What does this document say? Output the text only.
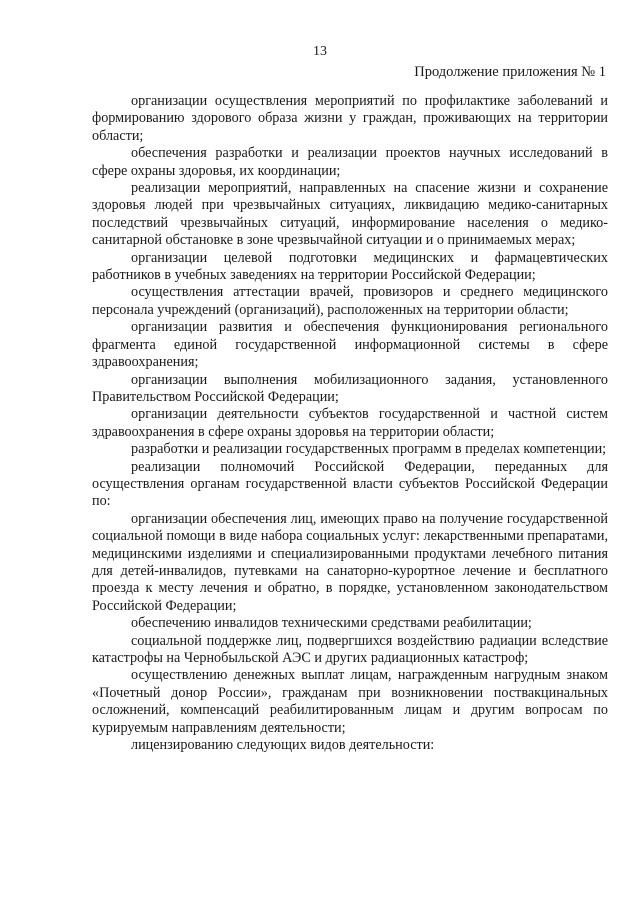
13
Продолжение приложения № 1

организации осуществления мероприятий по профилактике заболеваний и формированию здорового образа жизни у граждан, проживающих на территории области;

обеспечения разработки и реализации проектов научных исследований в сфере охраны здоровья, их координации;

реализации мероприятий, направленных на спасение жизни и сохранение здоровья людей при чрезвычайных ситуациях, ликвидацию медико-санитарных последствий чрезвычайных ситуаций, информирование населения о медико-санитарной обстановке в зоне чрезвычайной ситуации и о принимаемых мерах;

организации целевой подготовки медицинских и фармацевтических работников в учебных заведениях на территории Российской Федерации;

осуществления аттестации врачей, провизоров и среднего медицинского персонала учреждений (организаций), расположенных на территории области;

организации развития и обеспечения функционирования регионального фрагмента единой государственной информационной системы в сфере здравоохранения;

организации выполнения мобилизационного задания, установленного Правительством Российской Федерации;

организации деятельности субъектов государственной и частной систем здравоохранения в сфере охраны здоровья на территории области;

разработки и реализации государственных программ в пределах компетенции;

реализации полномочий Российской Федерации, переданных для осуществления органам государственной власти субъектов Российской Федерации по:

организации обеспечения лиц, имеющих право на получение государственной социальной помощи в виде набора социальных услуг: лекарственными препаратами, медицинскими изделиями и специализированными продуктами лечебного питания для детей-инвалидов, путевками на санаторно-курортное лечение и бесплатного проезда к месту лечения и обратно, в порядке, установленном законодательством Российской Федерации;

обеспечению инвалидов техническими средствами реабилитации;

социальной поддержке лиц, подвергшихся воздействию радиации вследствие катастрофы на Чернобыльской АЭС и других радиационных катастроф;

осуществлению денежных выплат лицам, награжденным нагрудным знаком «Почетный донор России», гражданам при возникновении поствакцинальных осложнений, компенсаций реабилитированным лицам и другим вопросам по курируемым направлениям деятельности;

лицензированию следующих видов деятельности:
